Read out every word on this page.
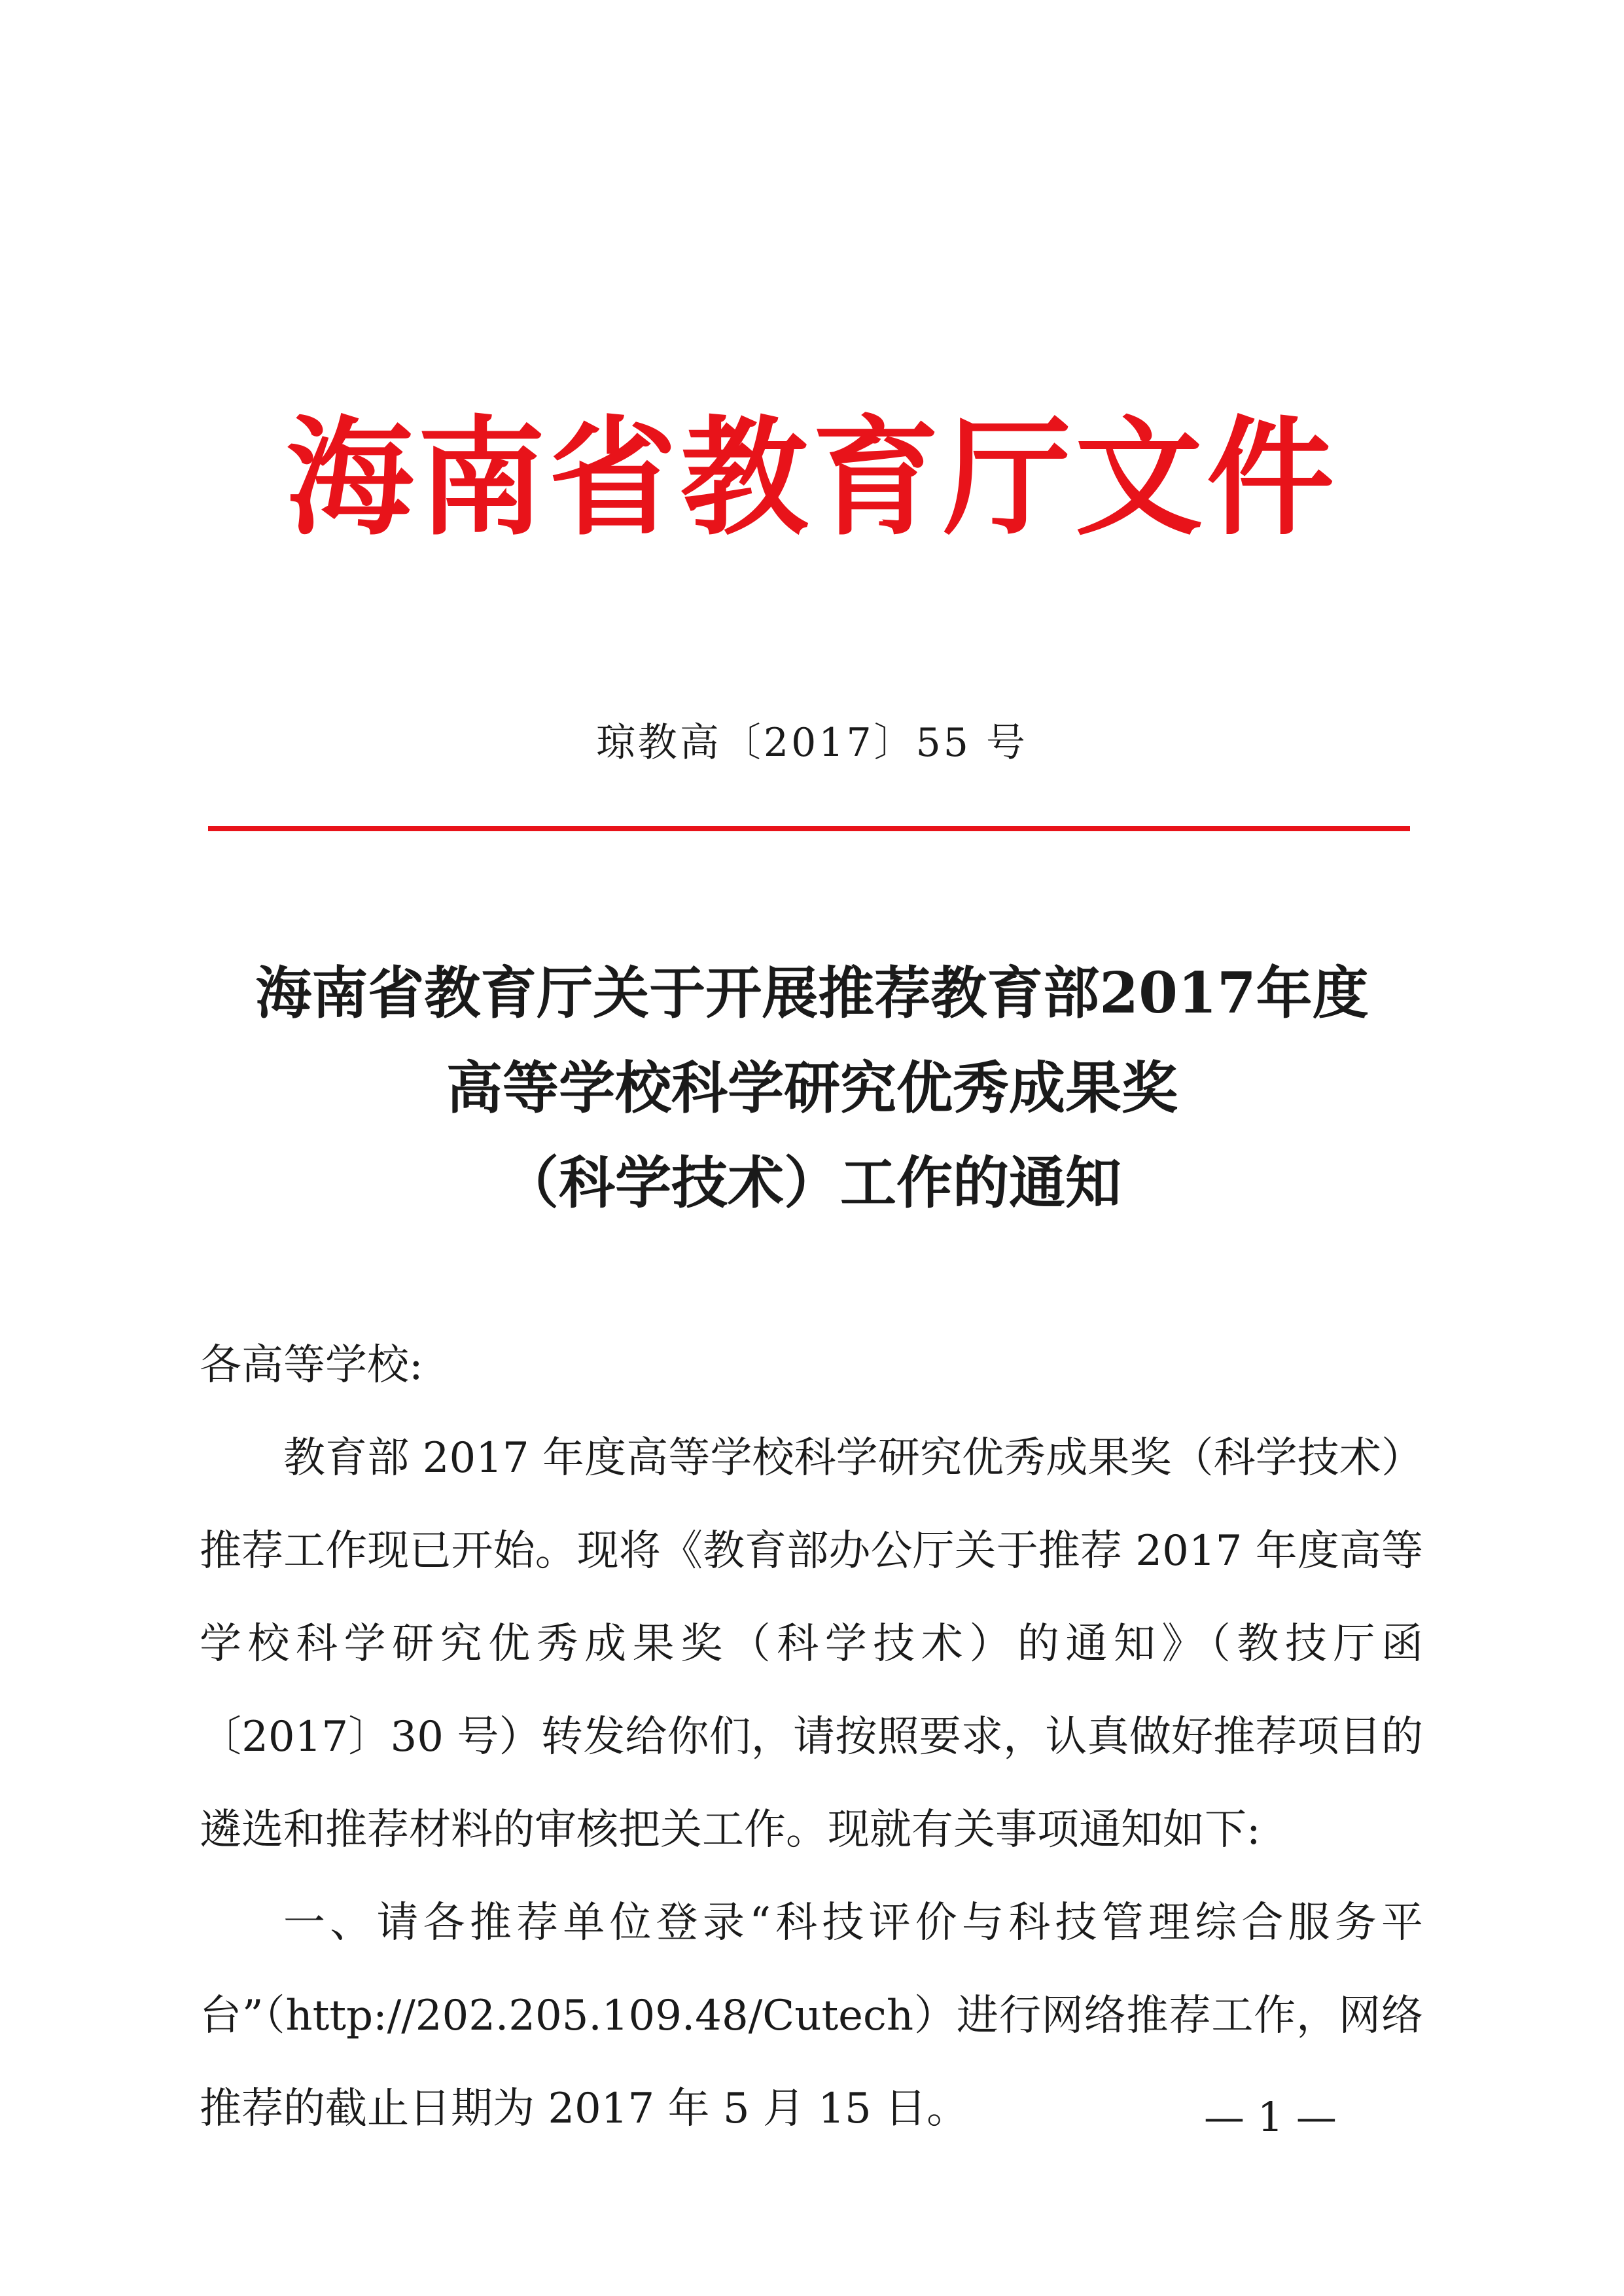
海南省教育厅文件
琼教高〔2017〕55 号
海南省教育厅关于开展推荐教育部2017年度
高等学校科学研究优秀成果奖
（科学技术）工作的通知

各高等学校:

教育部 2017 年度高等学校科学研究优秀成果奖（科学技术）推荐工作现已开始。现将《教育部办公厅关于推荐 2017 年度高等学校科学研究优秀成果奖（科学技术）的通知》（教技厅函〔2017〕30 号）转发给你们，请按照要求，认真做好推荐项目的遴选和推荐材料的审核把关工作。现就有关事项通知如下:

一、请各推荐单位登录“科技评价与科技管理综合服务平台”（http://202.205.109.48/Cutech）进行网络推荐工作，网络推荐的截止日期为 2017 年 5 月 15 日。	— 1 —
